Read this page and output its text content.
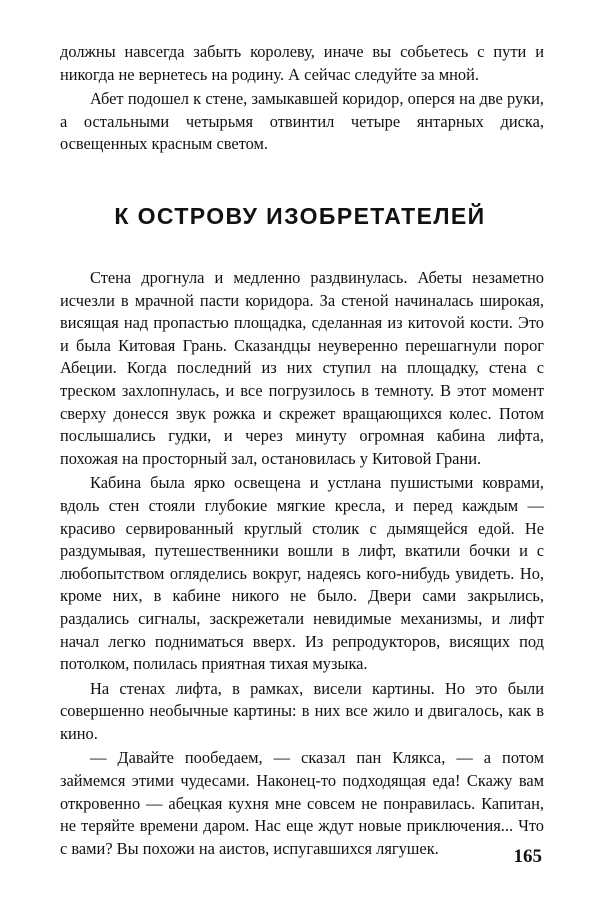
должны навсегда забыть королеву, иначе вы собьетесь с пути и никогда не вернетесь на родину. А сейчас следуйте за мной.

Абет подошел к стене, замыкавшей коридор, оперся на две руки, а остальными четырьмя отвинтил четыре янтарных диска, освещенных красным светом.

К ОСТРОВУ ИЗОБРЕТАТЕЛЕЙ

Стена дрогнула и медленно раздвинулась. Абеты незаметно исчезли в мрачной пасти коридора. За стеной начиналась широкая, висящая над пропастью площадка, сделанная из китоvой кости. Это и была Китовая Грань. Сказандцы неуверенно перешагнули порог Абеции. Когда последний из них ступил на площадку, стена с треском захлопнулась, и все погрузилось в темноту. В этот момент сверху донесся звук рожка и скрежет вращающихся колес. Потом послышались гудки, и через минуту огромная кабина лифта, похожая на просторный зал, остановилась у Китовой Грани.

Кабина была ярко освещена и устлана пушистыми коврами, вдоль стен стояли глубокие мягкие кресла, и перед каждым — красиво сервированный круглый столик с дымящейся едой. Не раздумывая, путешественники вошли в лифт, вкатили бочки и с любопытством огляделись вокруг, надеясь кого-нибудь увидеть. Но, кроме них, в кабине никого не было. Двери сами закрылись, раздались сигналы, заскрежетали невидимые механизмы, и лифт начал легко подниматься вверх. Из репродукторов, висящих под потолком, полилась приятная тихая музыка.

На стенах лифта, в рамках, висели картины. Но это были совершенно необычные картины: в них все жило и двигалось, как в кино.

— Давайте пообедаем, — сказал пан Клякса, — а потом займемся этими чудесами. Наконец-то подходящая еда! Скажу вам откровенно — абецкая кухня мне совсем не понравилась. Капитан, не теряйте времени даром. Нас еще ждут новые приключения... Что с вами? Вы похожи на аистов, испугавшихся лягушек.	165
